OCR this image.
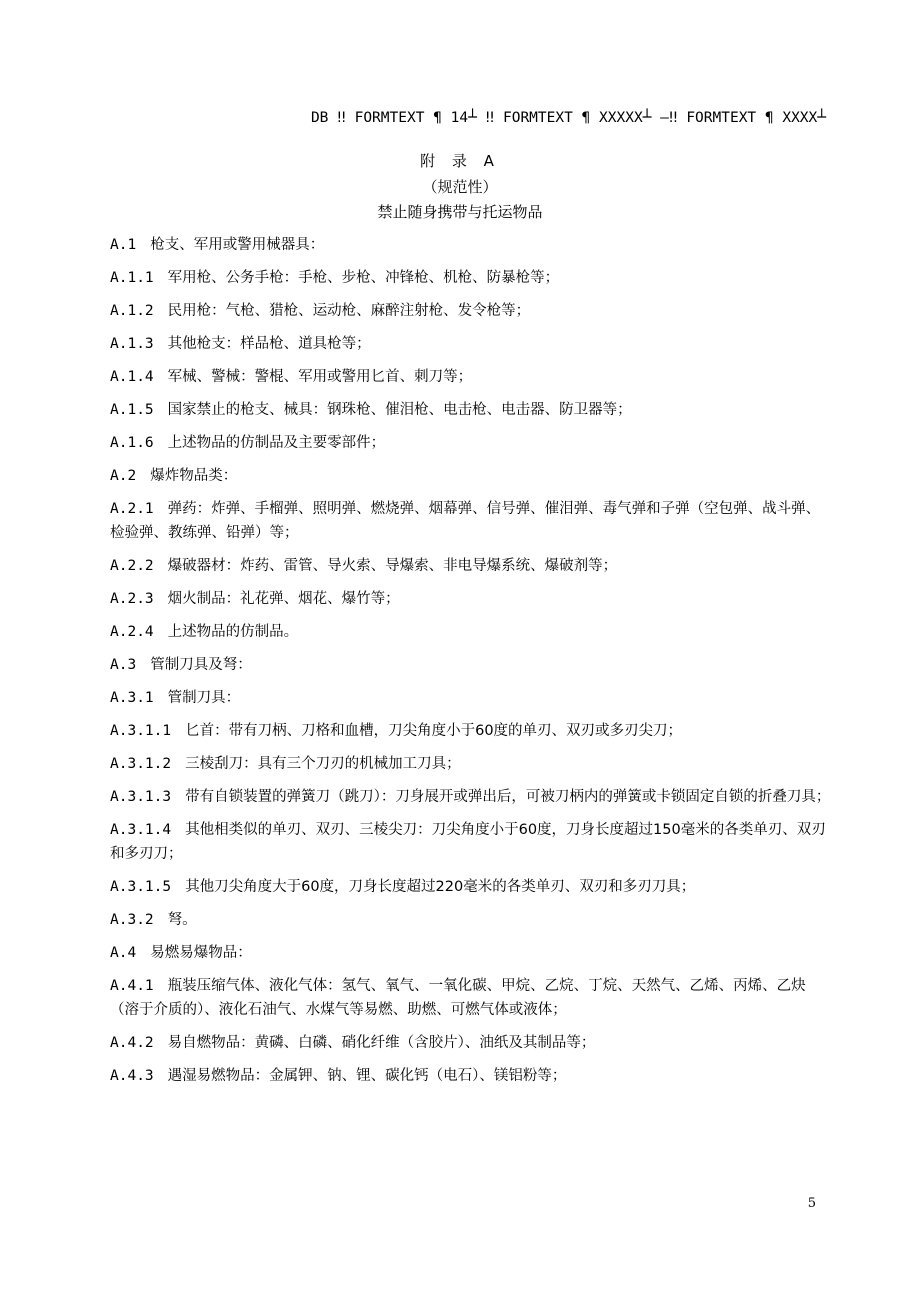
DB ‼ FORMTEXT ¶ 14┴ ‼ FORMTEXT ¶ XXXXX┴ —‼ FORMTEXT ¶ XXXX┴
附 录 A
（规范性）
禁止随身携带与托运物品

A.1 枪支、军用或警用械器具：

A.1.1 军用枪、公务手枪：手枪、步枪、冲锋枪、机枪、防暴枪等；

A.1.2 民用枪：气枪、猎枪、运动枪、麻醉注射枪、发令枪等；

A.1.3 其他枪支：样品枪、道具枪等；

A.1.4 军械、警械：警棍、军用或警用匕首、刺刀等；

A.1.5 国家禁止的枪支、械具：钢珠枪、催泪枪、电击枪、电击器、防卫器等；

A.1.6 上述物品的仿制品及主要零部件；

A.2 爆炸物品类：

A.2.1 弹药：炸弹、手榴弹、照明弹、燃烧弹、烟幕弹、信号弹、催泪弹、毒气弹和子弹（空包弹、战斗弹、检验弹、教练弹、铅弹）等；

A.2.2 爆破器材：炸药、雷管、导火索、导爆索、非电导爆系统、爆破剂等；

A.2.3 烟火制品：礼花弹、烟花、爆竹等；

A.2.4 上述物品的仿制品。

A.3 管制刀具及弩：

A.3.1 管制刀具：

A.3.1.1 匕首：带有刀柄、刀格和血槽，刀尖角度小于60度的单刃、双刃或多刃尖刀；

A.3.1.2 三棱刮刀：具有三个刀刃的机械加工刀具；

A.3.1.3 带有自锁装置的弹簧刀（跳刀）：刀身展开或弹出后，可被刀柄内的弹簧或卡锁固定自锁的折叠刀具；

A.3.1.4 其他相类似的单刃、双刃、三棱尖刀：刀尖角度小于60度，刀身长度超过150毫米的各类单刃、双刃和多刃刀；

A.3.1.5 其他刀尖角度大于60度，刀身长度超过220毫米的各类单刃、双刃和多刃刀具；

A.3.2 弩。

A.4 易燃易爆物品：

A.4.1 瓶装压缩气体、液化气体：氢气、氧气、一氧化碳、甲烷、乙烷、丁烷、天然气、乙烯、丙烯、乙炔（溶于介质的）、液化石油气、水煤气等易燃、助燃、可燃气体或液体；

A.4.2 易自燃物品：黄磷、白磷、硝化纤维（含胶片）、油纸及其制品等；

A.4.3 遇湿易燃物品：金属钾、钠、锂、碳化钙（电石）、镁铝粉等；

5
